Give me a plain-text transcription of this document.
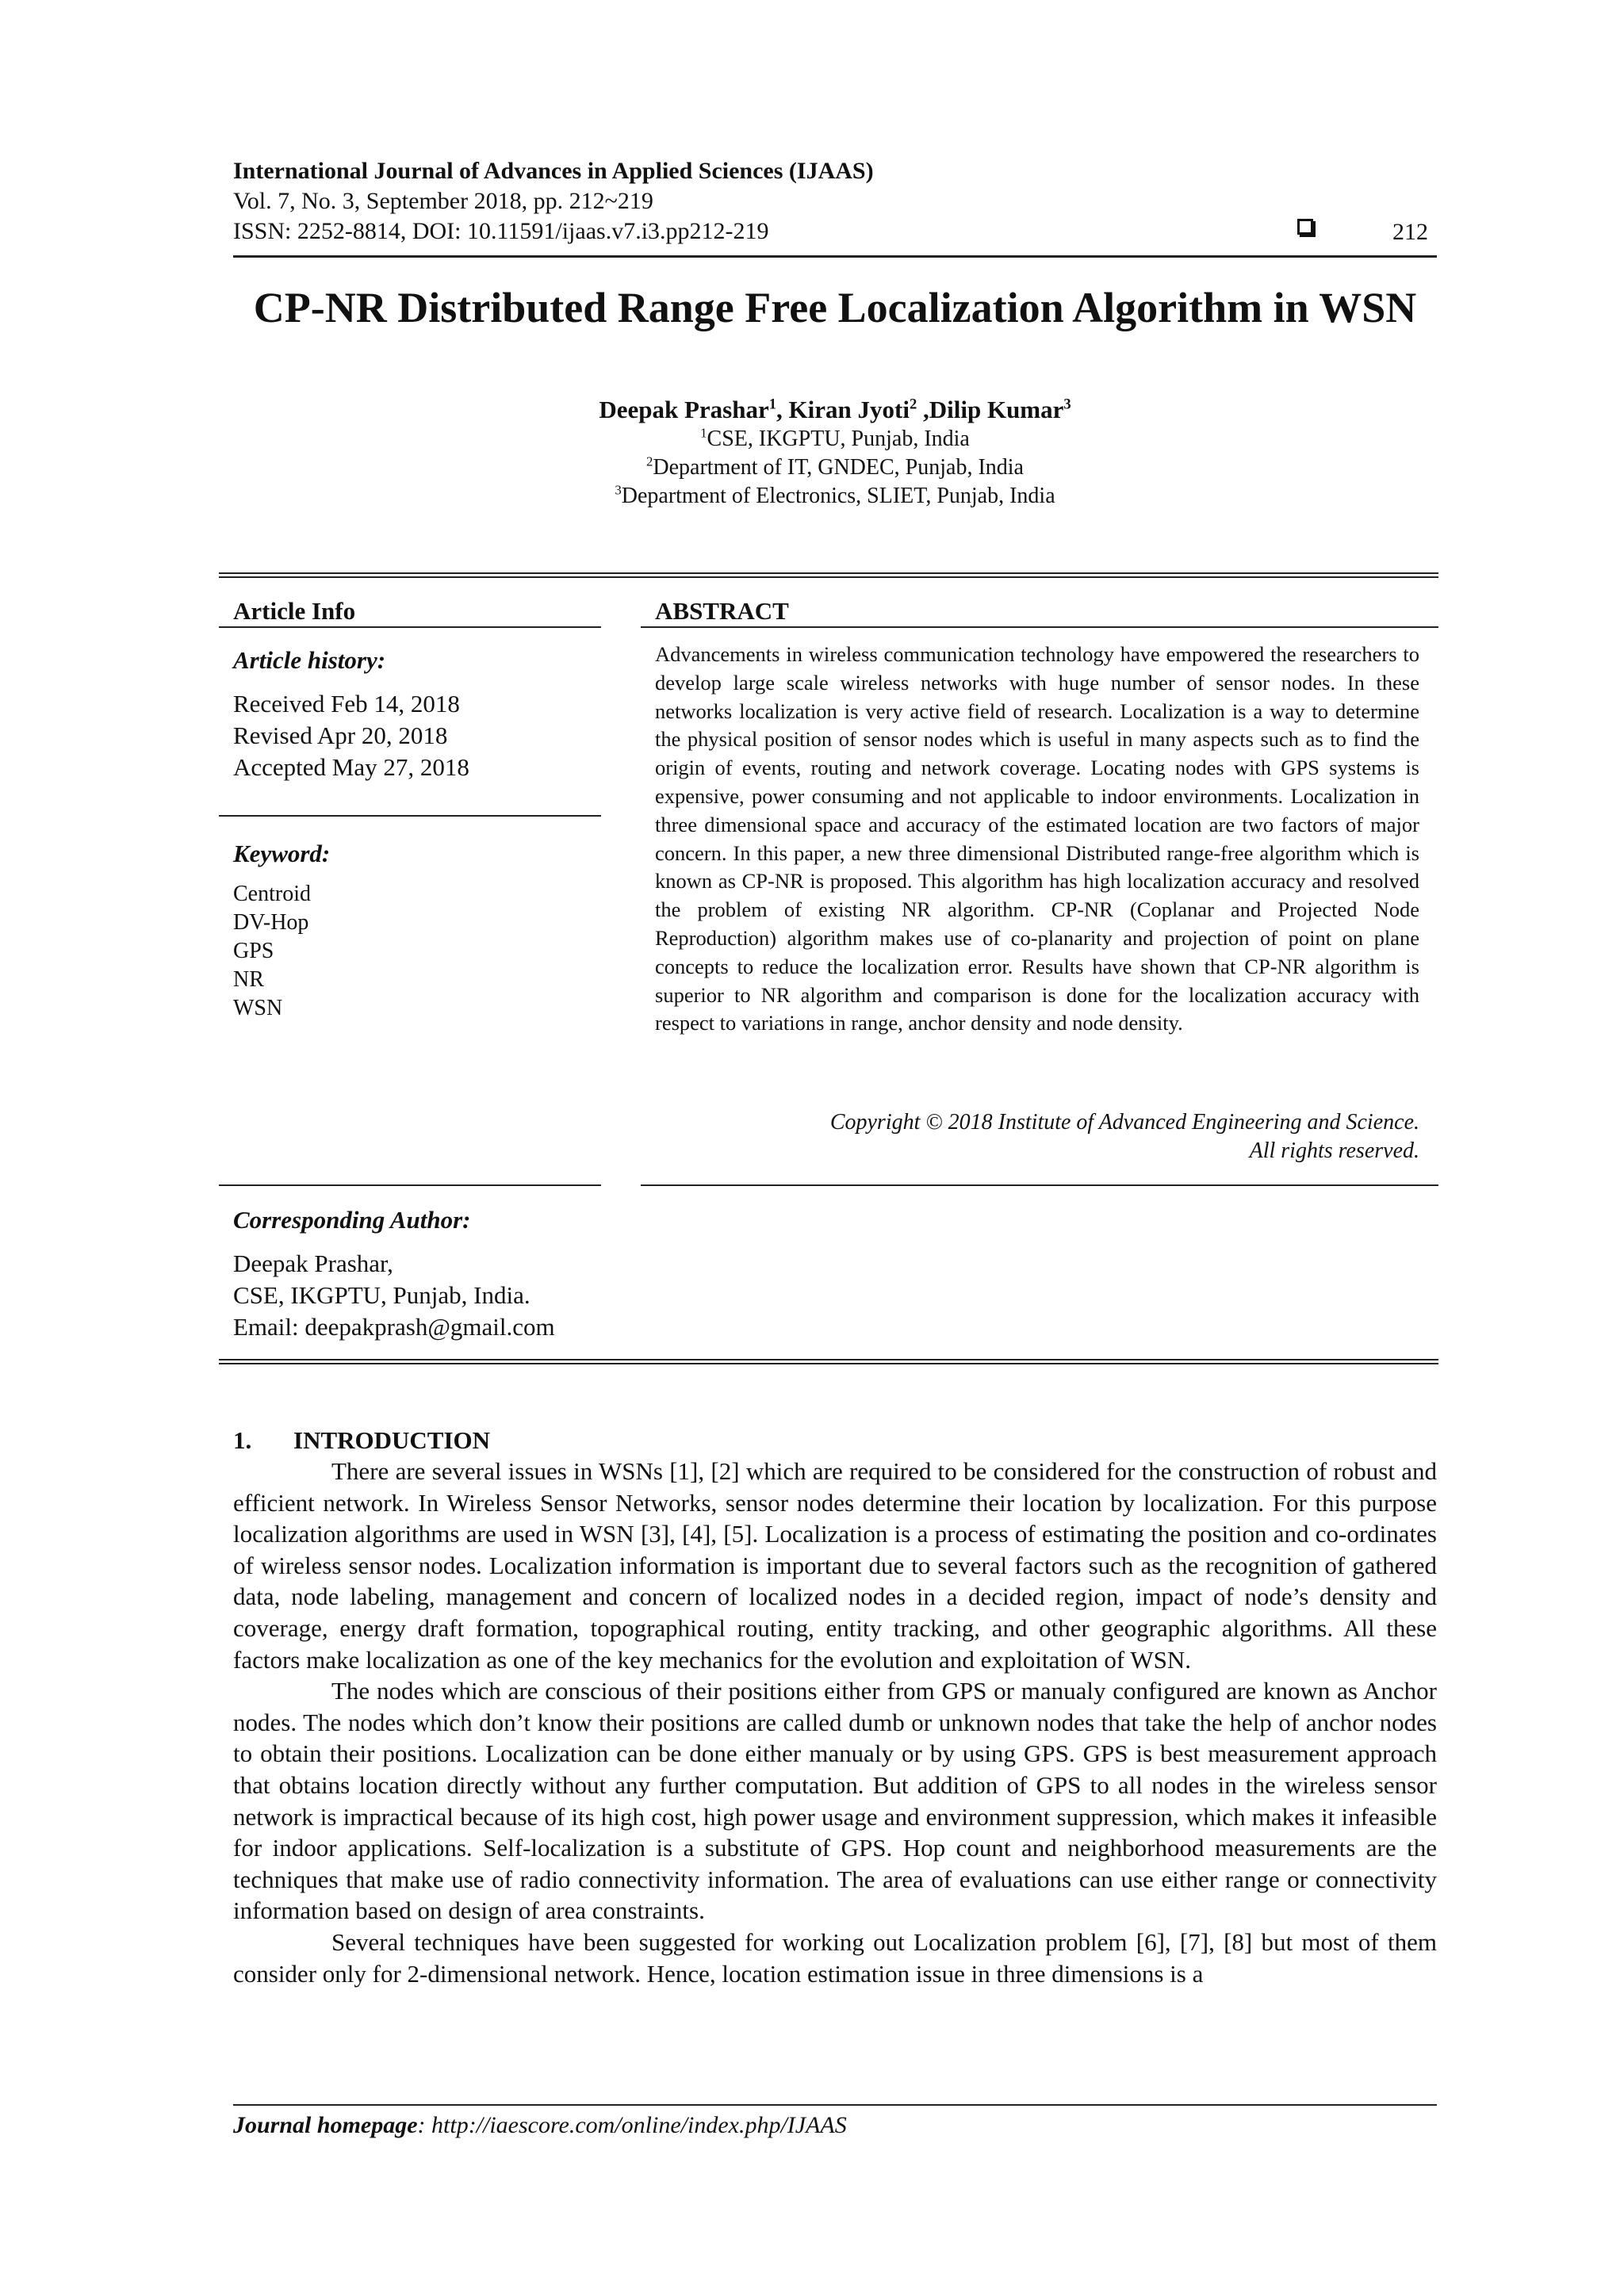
International Journal of Advances in Applied Sciences (IJAAS)
Vol. 7, No. 3, September 2018, pp. 212~219
ISSN: 2252-8814, DOI: 10.11591/ijaas.v7.i3.pp212-219	212
CP-NR Distributed Range Free Localization Algorithm in WSN
Deepak Prashar$^1$, Kiran Jyoti$^2$ ,Dilip Kumar$^3$
$^1$CSE, IKGPTU, Punjab, India
$^2$Department of IT, GNDEC, Punjab, India
$^3$Department of Electronics, SLIET, Punjab, India
Article Info
Article history:
Received Feb 14, 2018
Revised Apr 20, 2018
Accepted May 27, 2018
Keyword:
Centroid
DV-Hop
GPS
NR
WSN
ABSTRACT
Advancements in wireless communication technology have empowered the researchers to develop large scale wireless networks with huge number of sensor nodes. In these networks localization is very active field of research. Localization is a way to determine the physical position of sensor nodes which is useful in many aspects such as to find the origin of events, routing and network coverage. Locating nodes with GPS systems is expensive, power consuming and not applicable to indoor environments. Localization in three dimensional space and accuracy of the estimated location are two factors of major concern. In this paper, a new three dimensional Distributed range-free algorithm which is known as CP-NR is proposed. This algorithm has high localization accuracy and resolved the problem of existing NR algorithm. CP-NR (Coplanar and Projected Node Reproduction) algorithm makes use of co-planarity and projection of point on plane concepts to reduce the localization error. Results have shown that CP-NR algorithm is superior to NR algorithm and comparison is done for the localization accuracy with respect to variations in range, anchor density and node density.
Copyright © 2018 Institute of Advanced Engineering and Science.
All rights reserved.
Corresponding Author:
Deepak Prashar,
CSE, IKGPTU, Punjab, India.
Email: deepakprash@gmail.com
1. INTRODUCTION

There are several issues in WSNs [1], [2] which are required to be considered for the construction of robust and efficient network. In Wireless Sensor Networks, sensor nodes determine their location by localization. For this purpose localization algorithms are used in WSN [3], [4], [5]. Localization is a process of estimating the position and co-ordinates of wireless sensor nodes. Localization information is important due to several factors such as the recognition of gathered data, node labeling, management and concern of localized nodes in a decided region, impact of node’s density and coverage, energy draft formation, topographical routing, entity tracking, and other geographic algorithms. All these factors make localization as one of the key mechanics for the evolution and exploitation of WSN.

The nodes which are conscious of their positions either from GPS or manualy configured are known as Anchor nodes. The nodes which don’t know their positions are called dumb or unknown nodes that take the help of anchor nodes to obtain their positions. Localization can be done either manualy or by using GPS. GPS is best measurement approach that obtains location directly without any further computation. But addition of GPS to all nodes in the wireless sensor network is impractical because of its high cost, high power usage and environment suppression, which makes it infeasible for indoor applications. Self-localization is a substitute of GPS. Hop count and neighborhood measurements are the techniques that make use of radio connectivity information. The area of evaluations can use either range or connectivity information based on design of area constraints.

Several techniques have been suggested for working out Localization problem [6], [7], [8] but most of them consider only for 2-dimensional network. Hence, location estimation issue in three dimensions is a

Journal homepage: http://iaescore.com/online/index.php/IJAAS
